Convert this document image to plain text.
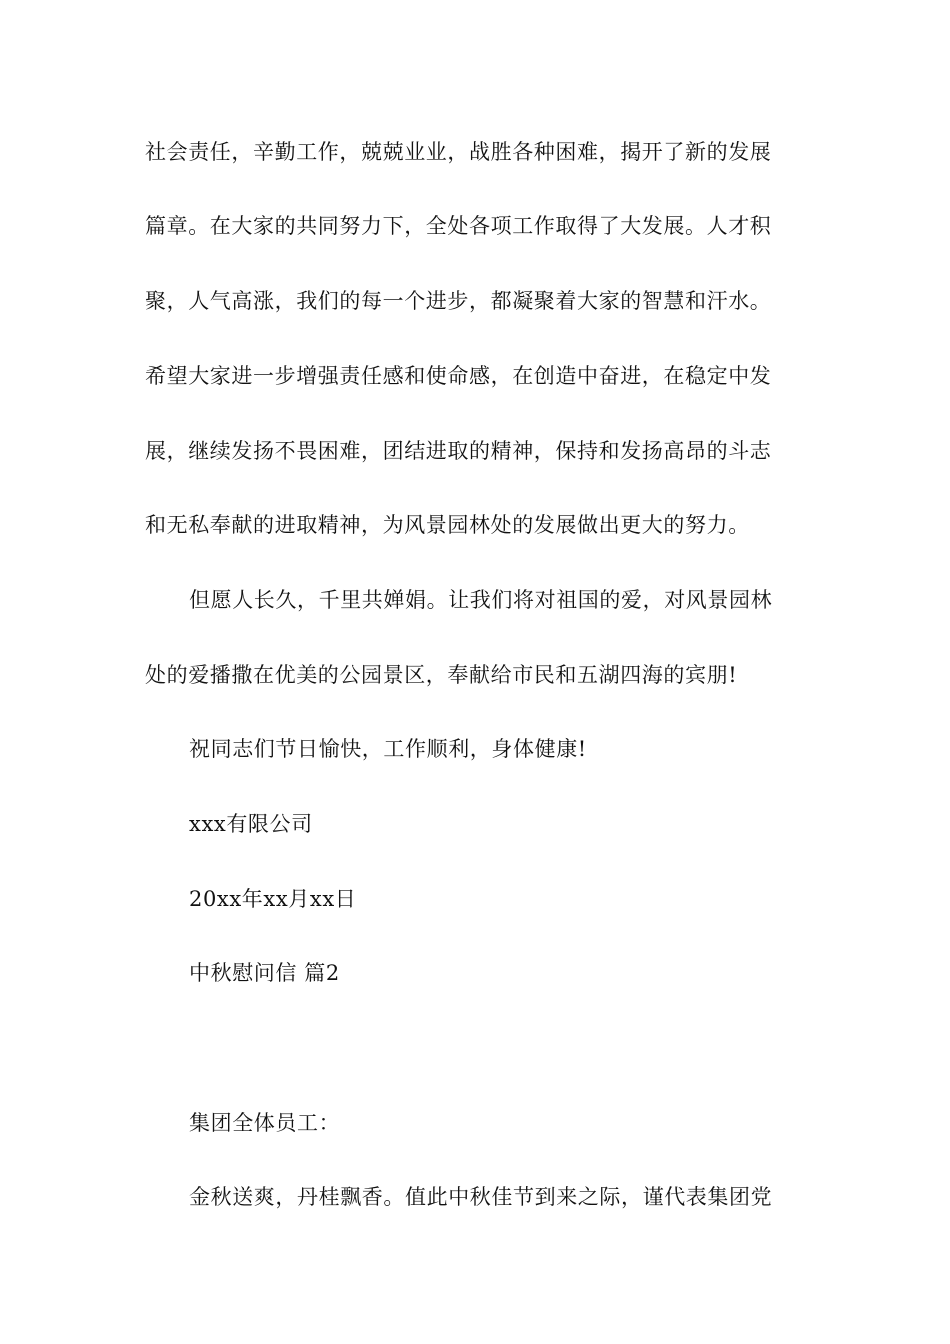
社会责任，辛勤工作，兢兢业业，战胜各种困难，揭开了新的发展
篇章。在大家的共同努力下，全处各项工作取得了大发展。人才积
聚，人气高涨，我们的每一个进步，都凝聚着大家的智慧和汗水。
希望大家进一步增强责任感和使命感，在创造中奋进，在稳定中发
展，继续发扬不畏困难，团结进取的精神，保持和发扬高昂的斗志
和无私奉献的进取精神，为风景园林处的发展做出更大的努力。
但愿人长久，千里共婵娟。让我们将对祖国的爱，对风景园林
处的爱播撒在优美的公园景区，奉献给市民和五湖四海的宾朋!
祝同志们节日愉快，工作顺利，身体健康!
xxx有限公司
20xx年xx月xx日
中秋慰问信 篇2
集团全体员工：
金秋送爽，丹桂飘香。值此中秋佳节到来之际，谨代表集团党
